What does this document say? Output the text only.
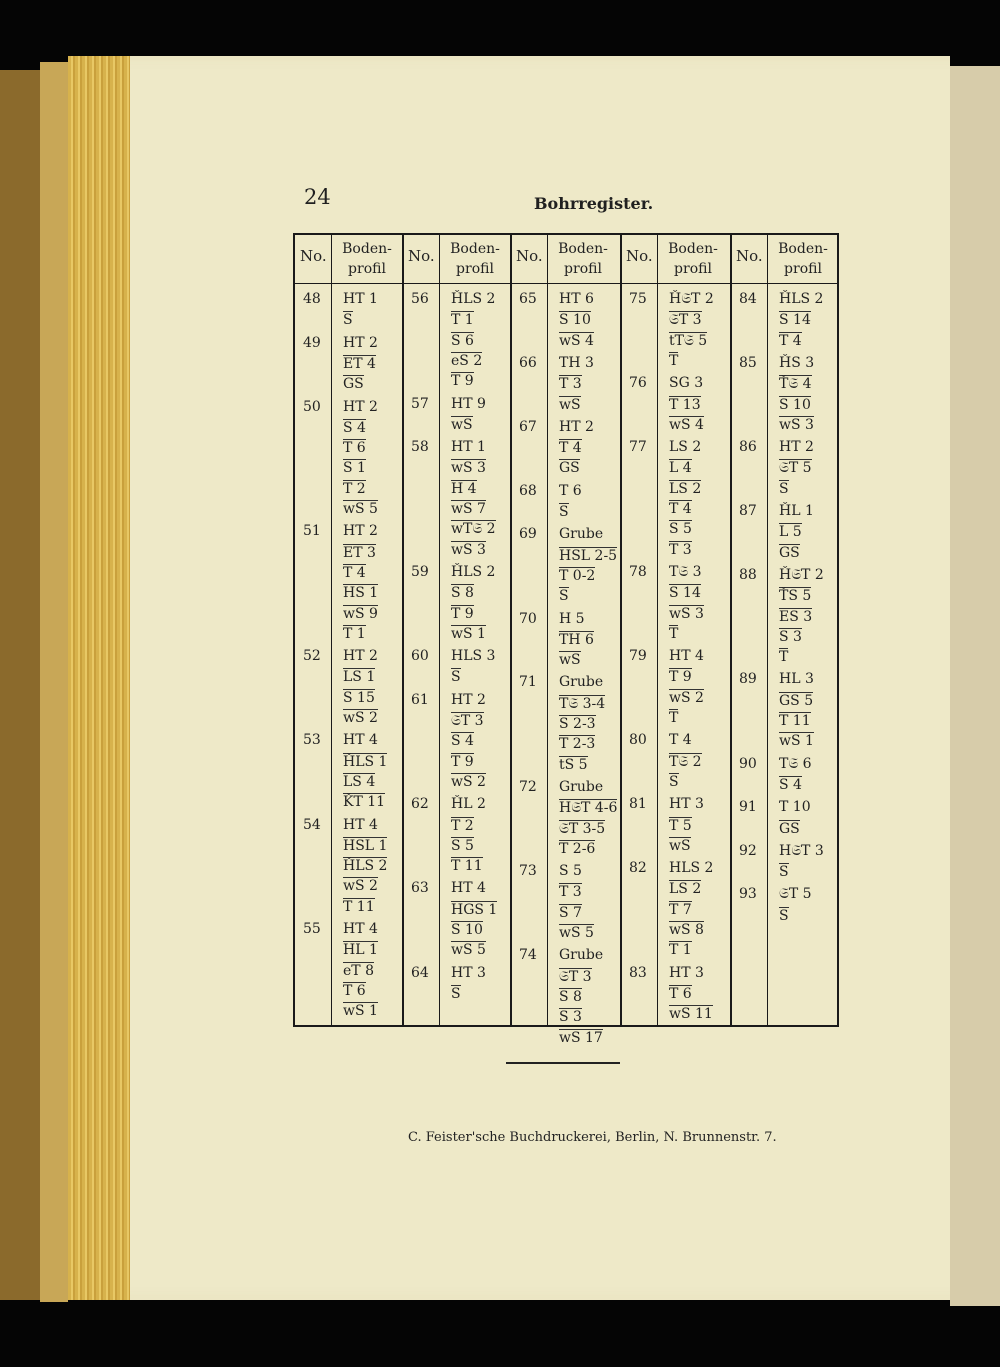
24	Bohrregister.
No.	Boden-
profil
48 HT 1
S
49 HT 2
ET 4
GS
50 HT 2
S 4
T 6
S 1
T 2
wS 5
51 HT 2
ET 3
T 4
HS 1
wS 9
T 1
52 HT 2
LS 1
S 15
wS 2
53 HT 4
ȞLS 1
LS 4
ǨT 11
54 HT 4
HSL 1
ȞLS 2
wS 2
T 11
55 HT 4
HL 1
eT 8
T 6
wS 1
No.	Boden-
profil
56 ȞLS 2
T 1
S 6
eS 2
T 9
57 HT 9
wS
58 HT 1
wS 3
H 4
wS 7
wT𝔖 2
wS 3
59 ȞLS 2
S 8
T 9
wS 1
60 HLS 3
S
61 HT 2
𝔖T 3
S 4
T 9
wS 2
62 ȞL 2
T 2
S 5
T 11
63 HT 4
HGS 1
S 10
wS 5
64 HT 3
S
No.	Boden-
profil
65 HT 6
S 10
wS 4
66 TH 3
T 3
wS
67 HT 2
T 4
GS
68 T 6
S
69 Grube
HSL 2-5
T 0-2
S
70 H 5
TH 6
wS
71 Grube
T𝔖 3-4
S 2-3
T 2-3
tS 5
72 Grube
H𝔖T 4-6
𝔖T 3-5
T 2-6
73 S 5
T 3
S 7
wS 5
74 Grube
𝔖T 3
S 8
S 3
wS 17
No.	Boden-
profil
75 Ȟ𝔖T 2
𝔖T 3
tT𝔖 5
T
76 SG 3
T 13
wS 4
77 LS 2
L 4
LS 2
T 4
S 5
T 3
78 T𝔖 3
S 14
wS 3
T
79 HT 4
T 9
wS 2
T
80 T 4
T𝔖 2
S
81 HT 3
T 5
wS
82 HLS 2
LS 2
T 7
wS 8
T 1
83 HT 3
T 6
wS 11
No.	Boden-
profil
84 ȞLS 2
S 14
T 4
85 ȞS 3
Ť𝔖 4
S 10
wS 3
86 HT 2
𝔖T 5
S
87 ȞL 1
L 5
GS
88 Ȟ𝔖T 2
ŤS 5
ES 3
S 3
T
89 HL 3
GS 5
T 11
wS 1
90 T𝔖 6
S 4
91 T 10
GS
92 H𝔖T 3
S
93 𝔖T 5
S
C. Feister'sche Buchdruckerei, Berlin, N. Brunnenstr. 7.
